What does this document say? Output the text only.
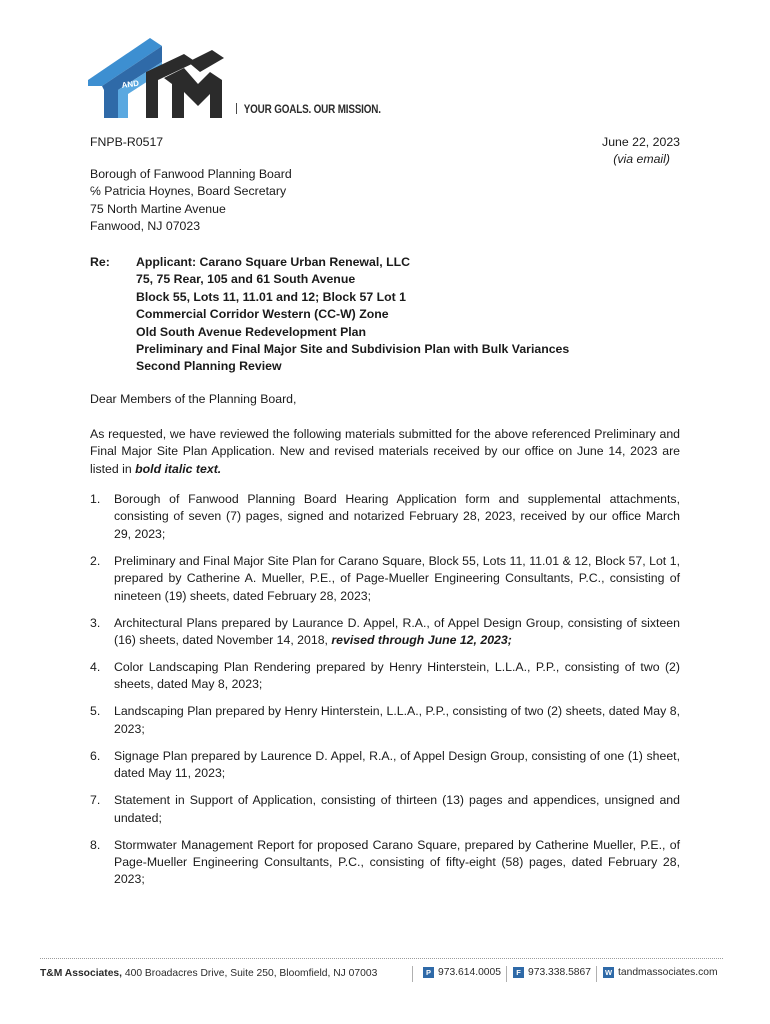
AND
YOUR GOALS. OUR MISSION.
FNPB-R0517	June 22, 2023
(via email)
Borough of Fanwood Planning Board
℅ Patricia Hoynes, Board Secretary
75 North Martine Avenue
Fanwood, NJ 07023
Re: Applicant: Carano Square Urban Renewal, LLC
75, 75 Rear, 105 and 61 South Avenue
Block 55, Lots 11, 11.01 and 12; Block 57 Lot 1
Commercial Corridor Western (CC-W) Zone
Old South Avenue Redevelopment Plan
Preliminary and Final Major Site and Subdivision Plan with Bulk Variances
Second Planning Review
Dear Members of the Planning Board,
As requested, we have reviewed the following materials submitted for the above referenced Preliminary and Final Major Site Plan Application. New and revised materials received by our office on June 14, 2023 are listed in bold italic text.
1. Borough of Fanwood Planning Board Hearing Application form and supplemental attachments, consisting of seven (7) pages, signed and notarized February 28, 2023, received by our office March 29, 2023;
2. Preliminary and Final Major Site Plan for Carano Square, Block 55, Lots 11, 11.01 & 12, Block 57, Lot 1, prepared by Catherine A. Mueller, P.E., of Page-Mueller Engineering Consultants, P.C., consisting of nineteen (19) sheets, dated February 28, 2023;
3. Architectural Plans prepared by Laurance D. Appel, R.A., of Appel Design Group, consisting of sixteen (16) sheets, dated November 14, 2018, revised through June 12, 2023;
4. Color Landscaping Plan Rendering prepared by Henry Hinterstein, L.L.A., P.P., consisting of two (2) sheets, dated May 8, 2023;
5. Landscaping Plan prepared by Henry Hinterstein, L.L.A., P.P., consisting of two (2) sheets, dated May 8, 2023;
6. Signage Plan prepared by Laurence D. Appel, R.A., of Appel Design Group, consisting of one (1) sheet, dated May 11, 2023;
7. Statement in Support of Application, consisting of thirteen (13) pages and appendices, unsigned and undated;
8. Stormwater Management Report for proposed Carano Square, prepared by Catherine Mueller, P.E., of Page-Mueller Engineering Consultants, P.C., consisting of fifty-eight (58) pages, dated February 28, 2023;
T&M Associates, 400 Broadacres Drive, Suite 250, Bloomfield, NJ 07003	P 973.614.0005	F 973.338.5867 W tandmassociates.com
